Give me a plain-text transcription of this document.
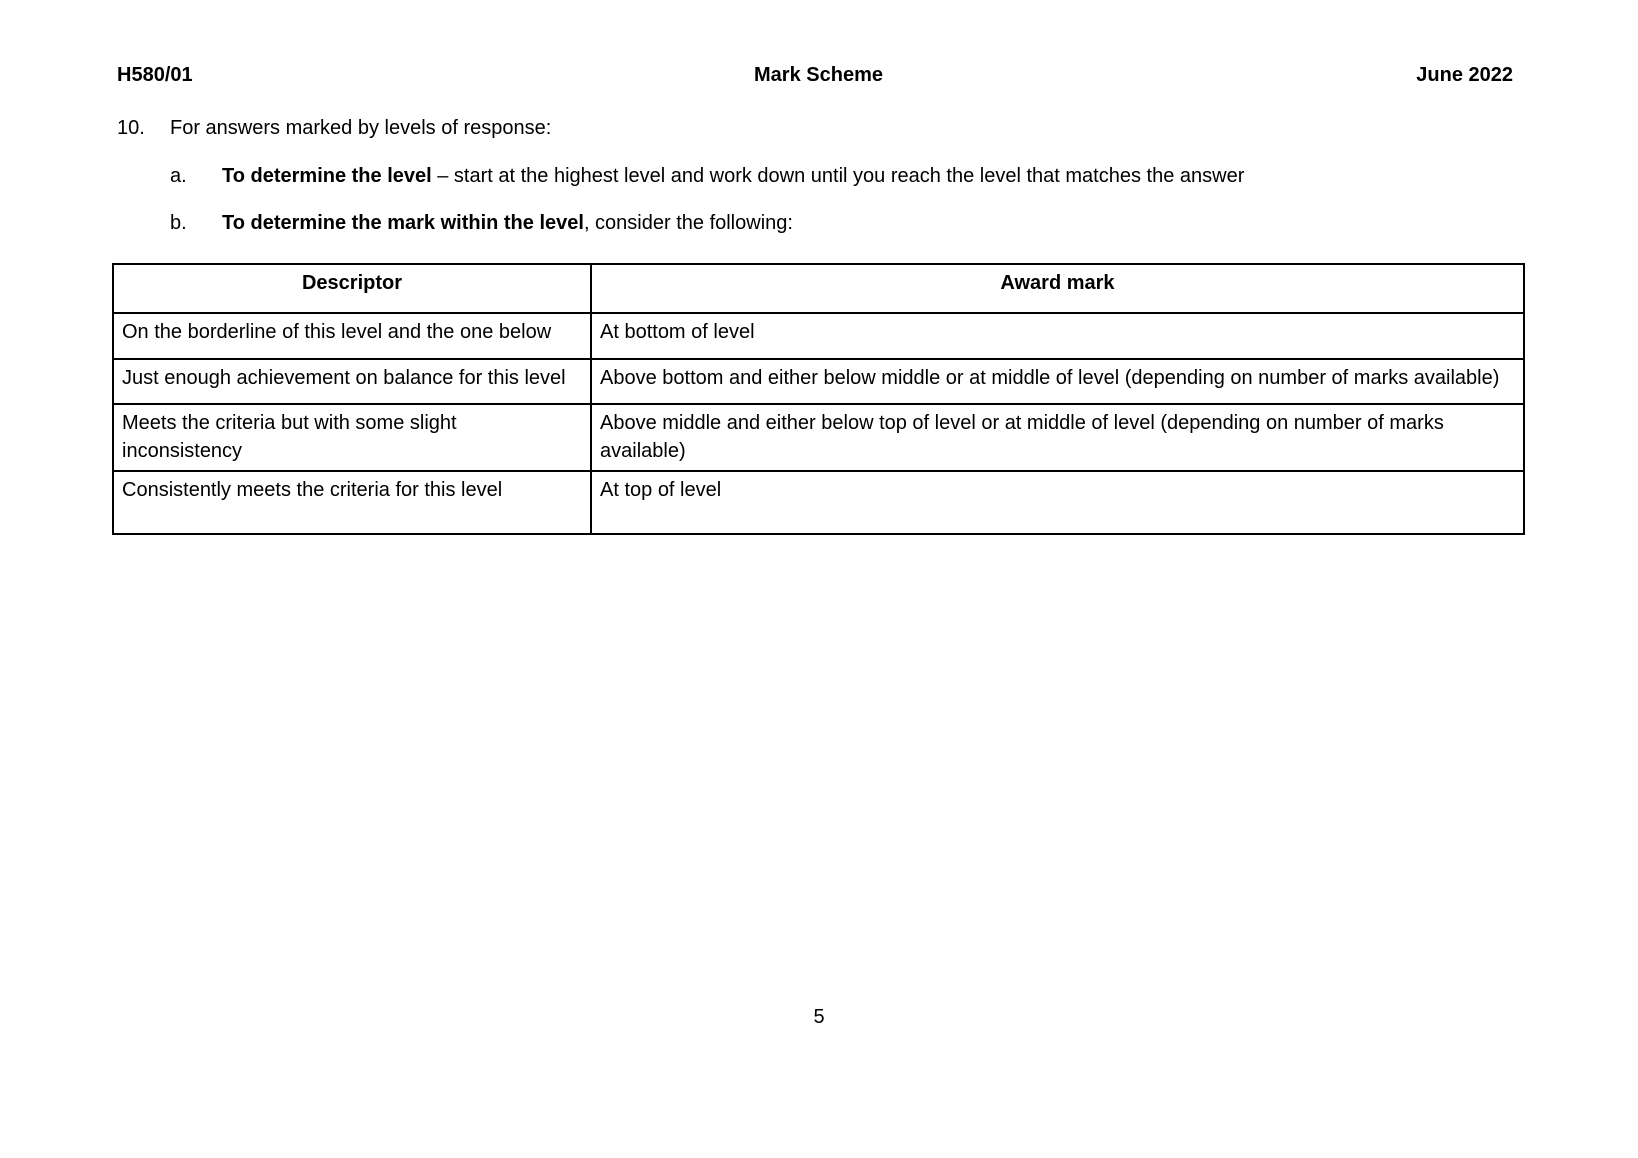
H580/01	Mark Scheme	June 2022
10. For answers marked by levels of response:
a. To determine the level – start at the highest level and work down until you reach the level that matches the answer
b. To determine the mark within the level, consider the following:
Descriptor	Award mark
On the borderline of this level and the one below	At bottom of level
Just enough achievement on balance for this level	Above bottom and either below middle or at middle of level (depending on number of marks available)
Meets the criteria but with some slight inconsistency	Above middle and either below top of level or at middle of level (depending on number of marks available)
Consistently meets the criteria for this level	At top of level
5
